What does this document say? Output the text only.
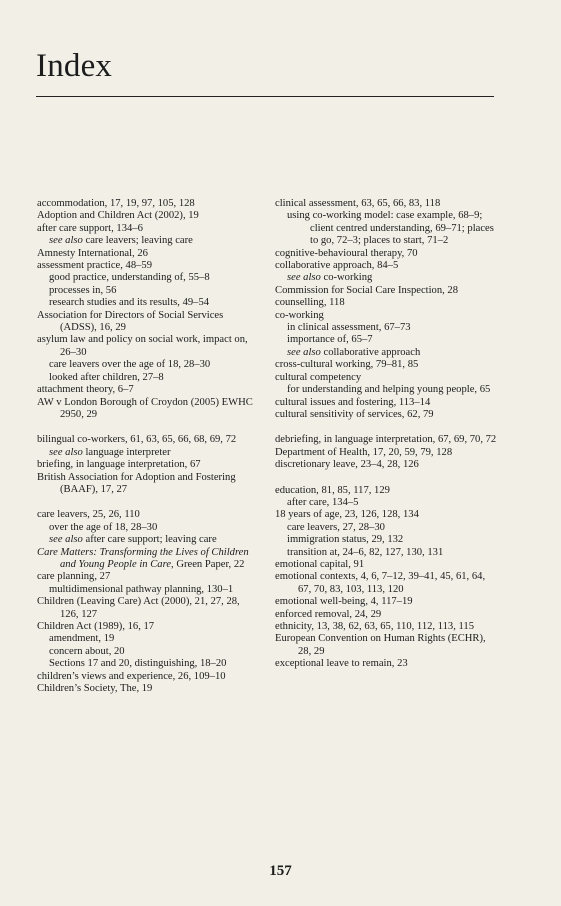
Index
accommodation, 17, 19, 97, 105, 128
Adoption and Children Act (2002), 19
after care support, 134–6
see also care leavers; leaving care
Amnesty International, 26
assessment practice, 48–59
good practice, understanding of, 55–8
processes in, 56
research studies and its results, 49–54
Association for Directors of Social Services (ADSS), 16, 29
asylum law and policy on social work, impact on, 26–30
care leavers over the age of 18, 28–30
looked after children, 27–8
attachment theory, 6–7
AW v London Borough of Croydon (2005) EWHC 2950, 29
bilingual co-workers, 61, 63, 65, 66, 68, 69, 72
see also language interpreter
briefing, in language interpretation, 67
British Association for Adoption and Fostering (BAAF), 17, 27
care leavers, 25, 26, 110
over the age of 18, 28–30
see also after care support; leaving care
Care Matters: Transforming the Lives of Children and Young People in Care, Green Paper, 22
care planning, 27
multidimensional pathway planning, 130–1
Children (Leaving Care) Act (2000), 21, 27, 28, 126, 127
Children Act (1989), 16, 17
amendment, 19
concern about, 20
Sections 17 and 20, distinguishing, 18–20
children’s views and experience, 26, 109–10
Children’s Society, The, 19
clinical assessment, 63, 65, 66, 83, 118
using co-working model: case example, 68–9; client centred understanding, 69–71; places to go, 72–3; places to start, 71–2
cognitive-behavioural therapy, 70
collaborative approach, 84–5
see also co-working
Commission for Social Care Inspection, 28
counselling, 118
co-working
in clinical assessment, 67–73
importance of, 65–7
see also collaborative approach
cross-cultural working, 79–81, 85
cultural competency
for understanding and helping young people, 65
cultural issues and fostering, 113–14
cultural sensitivity of services, 62, 79
debriefing, in language interpretation, 67, 69, 70, 72
Department of Health, 17, 20, 59, 79, 128
discretionary leave, 23–4, 28, 126
education, 81, 85, 117, 129
after care, 134–5
18 years of age, 23, 126, 128, 134
care leavers, 27, 28–30
immigration status, 29, 132
transition at, 24–6, 82, 127, 130, 131
emotional capital, 91
emotional contexts, 4, 6, 7–12, 39–41, 45, 61, 64, 67, 70, 83, 103, 113, 120
emotional well-being, 4, 117–19
enforced removal, 24, 29
ethnicity, 13, 38, 62, 63, 65, 110, 112, 113, 115
European Convention on Human Rights (ECHR), 28, 29
exceptional leave to remain, 23
157
